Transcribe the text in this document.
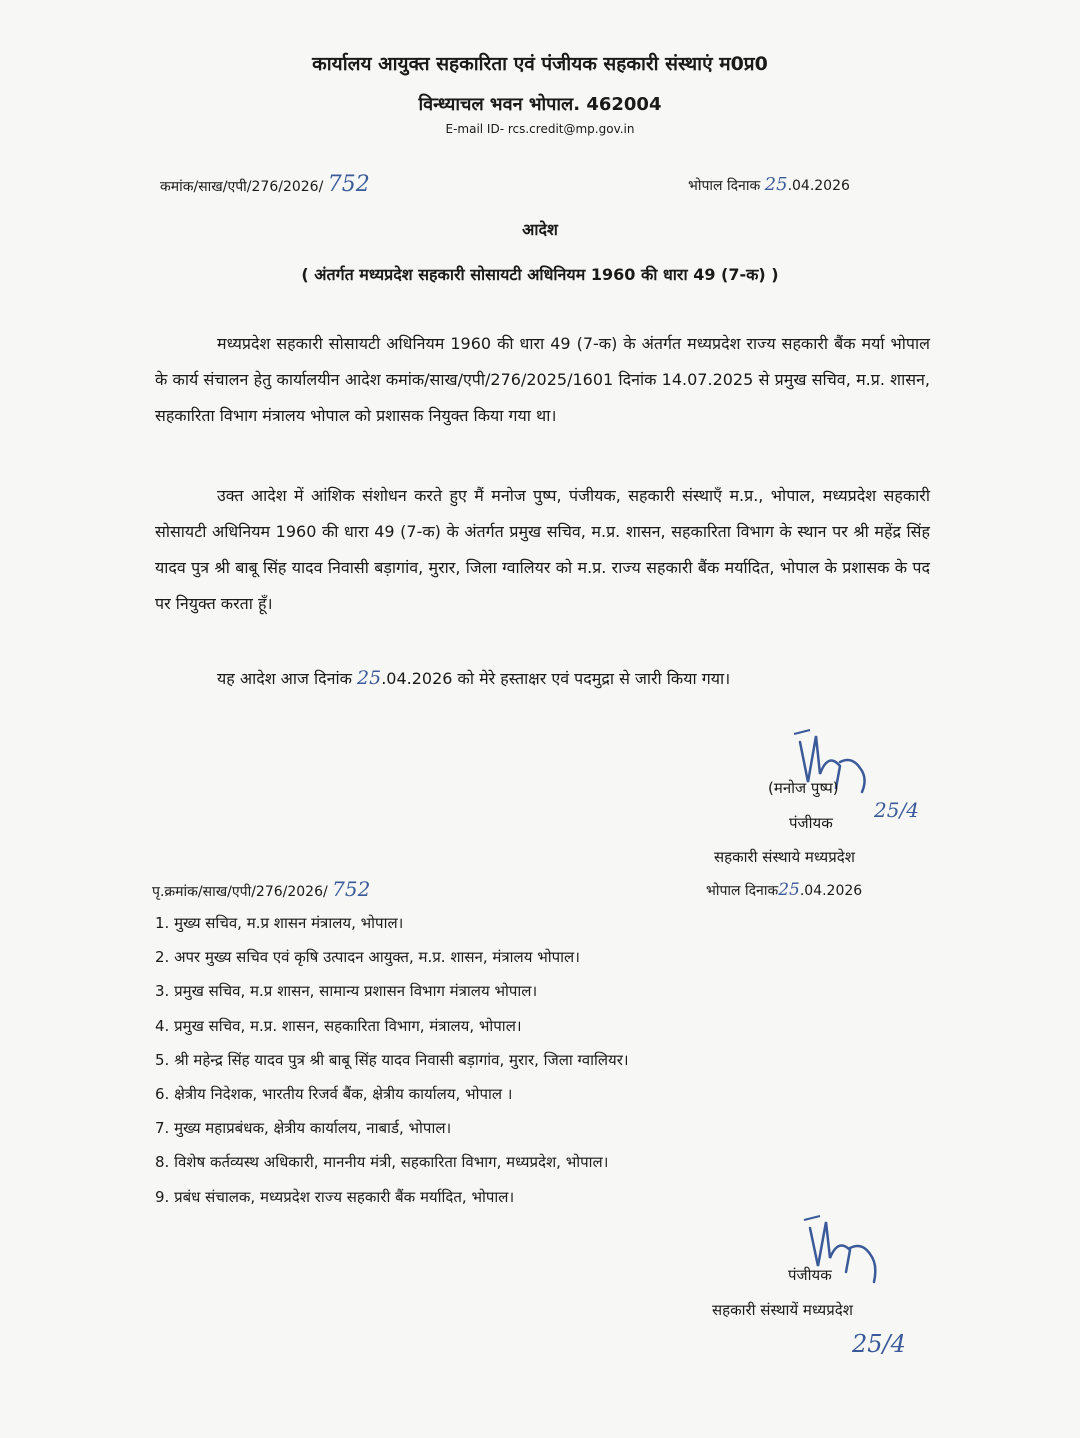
कार्यालय आयुक्त सहकारिता एवं पंजीयक सहकारी संस्थाएं म0प्र0
विन्ध्याचल भवन भोपाल. 462004
E-mail ID- rcs.credit@mp.gov.in
कमांक/साख/एपी/276/2026/ 752	भोपाल दिनाक 25.04.2026
आदेश
( अंतर्गत मध्यप्रदेश सहकारी सोसायटी अधिनियम 1960 की धारा 49 (7-क) )

मध्यप्रदेश सहकारी सोसायटी अधिनियम 1960 की धारा 49 (7-क) के अंतर्गत मध्यप्रदेश राज्य सहकारी बैंक मर्या भोपाल के कार्य संचालन हेतु कार्यालयीन आदेश कमांक/साख/एपी/276/2025/1601 दिनांक 14.07.2025 से प्रमुख सचिव, म.प्र. शासन, सहकारिता विभाग मंत्रालय भोपाल को प्रशासक नियुक्त किया गया था।

उक्त आदेश में आंशिक संशोधन करते हुए मैं मनोज पुष्प, पंजीयक, सहकारी संस्थाएँ म.प्र., भोपाल, मध्यप्रदेश सहकारी सोसायटी अधिनियम 1960 की धारा 49 (7-क) के अंतर्गत प्रमुख सचिव, म.प्र. शासन, सहकारिता विभाग के स्थान पर श्री महेंद्र सिंह यादव पुत्र श्री बाबू सिंह यादव निवासी बड़ागांव, मुरार, जिला ग्वालियर को म.प्र. राज्य सहकारी बैंक मर्यादित, भोपाल के प्रशासक के पद पर नियुक्त करता हूँ।

यह आदेश आज दिनांक 25.04.2026 को मेरे हस्ताक्षर एवं पदमुद्रा से जारी किया गया।

(मनोज पुष्प)
25/4
पंजीयक
सहकारी संस्थाये मध्यप्रदेश
पृ.क्रमांक/साख/एपी/276/2026/ 752	भोपाल दिनाक25.04.2026
1. मुख्य सचिव, म.प्र शासन मंत्रालय, भोपाल।
2. अपर मुख्य सचिव एवं कृषि उत्पादन आयुक्त, म.प्र. शासन, मंत्रालय भोपाल।
3. प्रमुख सचिव, म.प्र शासन, सामान्य प्रशासन विभाग मंत्रालय भोपाल।
4. प्रमुख सचिव, म.प्र. शासन, सहकारिता विभाग, मंत्रालय, भोपाल।
5. श्री महेन्द्र सिंह यादव पुत्र श्री बाबू सिंह यादव निवासी बड़ागांव, मुरार, जिला ग्वालियर।
6. क्षेत्रीय निदेशक, भारतीय रिजर्व बैंक, क्षेत्रीय कार्यालय, भोपाल ।
7. मुख्य महाप्रबंधक, क्षेत्रीय कार्यालय, नाबार्ड, भोपाल।
8. विशेष कर्तव्यस्थ अधिकारी, माननीय मंत्री, सहकारिता विभाग, मध्यप्रदेश, भोपाल।
9. प्रबंध संचालक, मध्यप्रदेश राज्य सहकारी बैंक मर्यादित, भोपाल।
पंजीयक
सहकारी संस्थायें मध्यप्रदेश
25/4
